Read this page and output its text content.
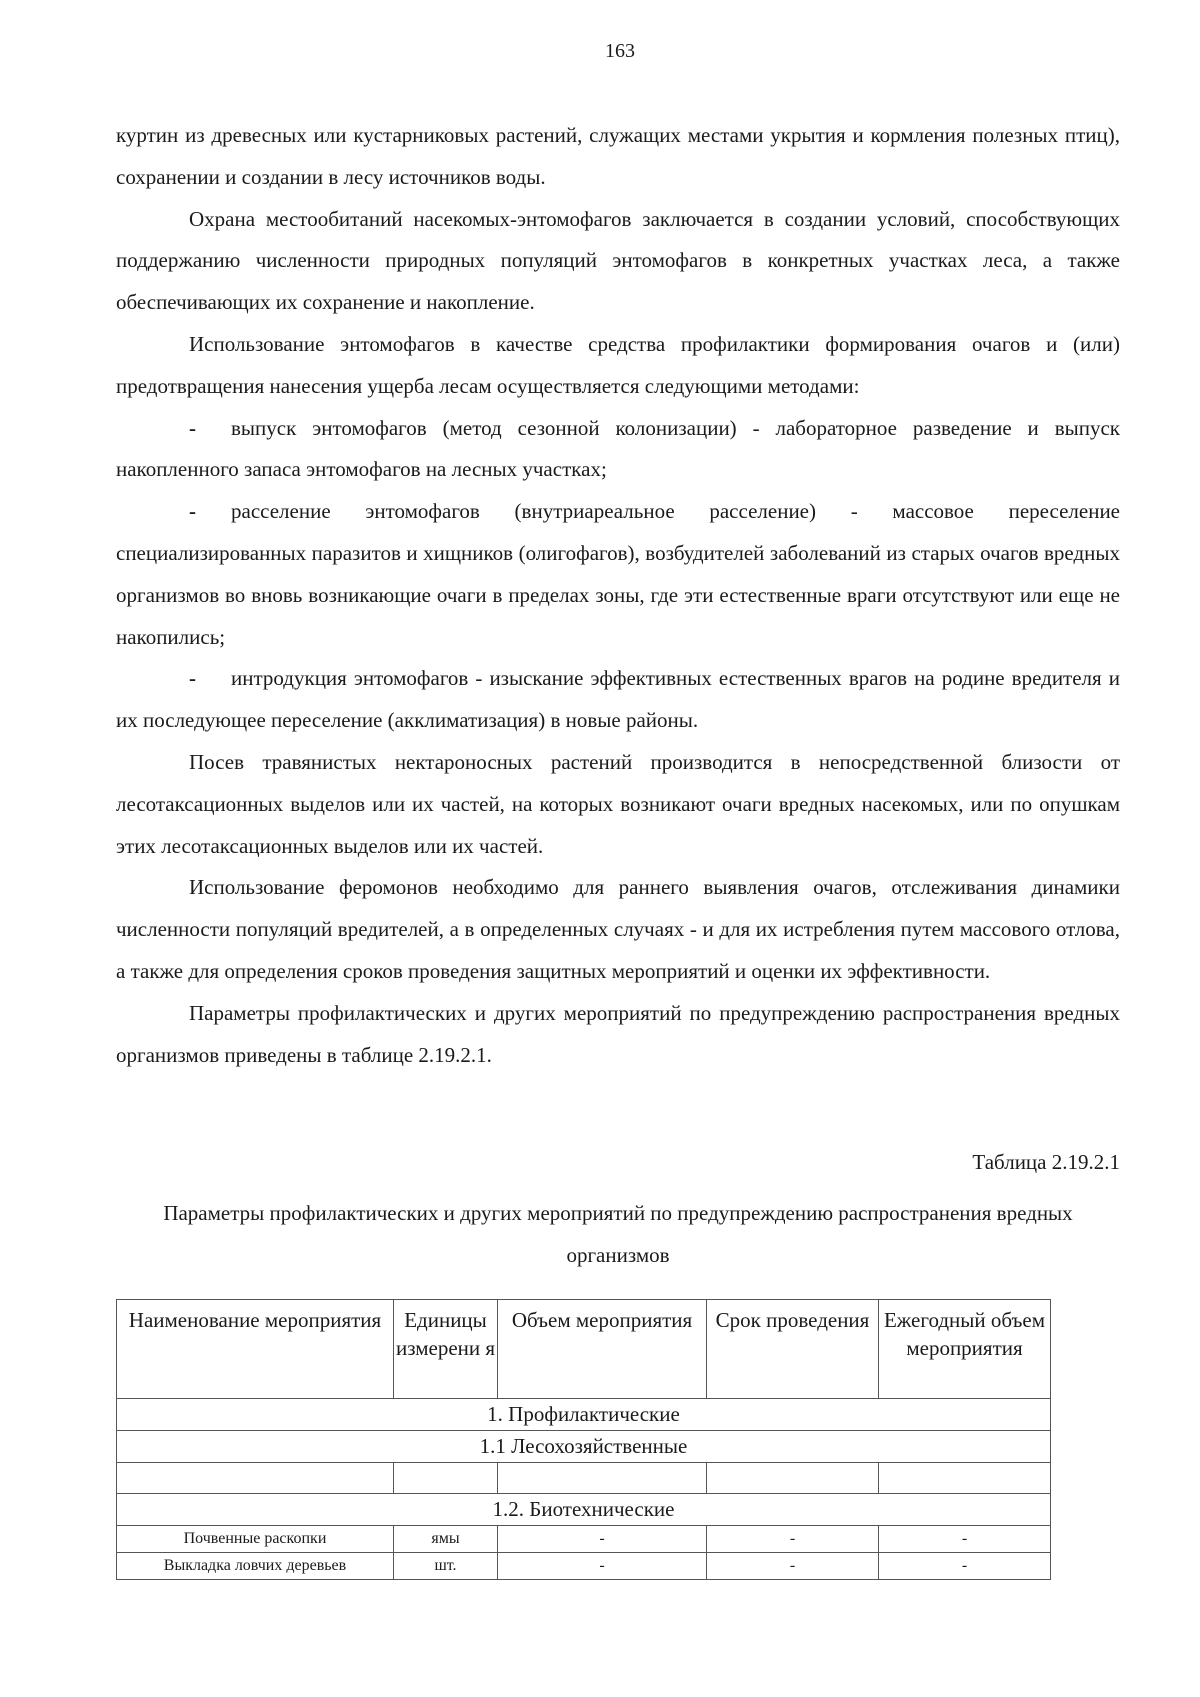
163

куртин из древесных или кустарниковых растений, служащих местами укрытия и кормления полезных птиц), сохранении и создании в лесу источников воды.

Охрана местообитаний насекомых-энтомофагов заключается в создании условий, способствующих поддержанию численности природных популяций энтомофагов в конкретных участках леса, а также обеспечивающих их сохранение и накопление.

Использование энтомофагов в качестве средства профилактики формирования очагов и (или) предотвращения нанесения ущерба лесам осуществляется следующими методами:

- выпуск энтомофагов (метод сезонной колонизации) - лабораторное разведение и выпуск накопленного запаса энтомофагов на лесных участках;

- расселение энтомофагов (внутриареальное расселение) - массовое переселение специализированных паразитов и хищников (олигофагов), возбудителей заболеваний из старых очагов вредных организмов во вновь возникающие очаги в пределах зоны, где эти естественные враги отсутствуют или еще не накопились;

- интродукция энтомофагов - изыскание эффективных естественных врагов на родине вредителя и их последующее переселение (акклиматизация) в новые районы.

Посев травянистых нектароносных растений производится в непосредственной близости от лесотаксационных выделов или их частей, на которых возникают очаги вредных насекомых, или по опушкам этих лесотаксационных выделов или их частей.

Использование феромонов необходимо для раннего выявления очагов, отслеживания динамики численности популяций вредителей, а в определенных случаях - и для их истребления путем массового отлова, а также для определения сроков проведения защитных мероприятий и оценки их эффективности.

Параметры профилактических и других мероприятий по предупреждению распространения вредных организмов приведены в таблице 2.19.2.1.

Таблица 2.19.2.1
Параметры профилактических и других мероприятий по предупреждению распространения вредных организмов
Наименование мероприятия	Единицы измерени я	Объем мероприятия	Срок проведения	Ежегодный объем мероприятия
1. Профилактические				
1.1 Лесохозяйственные				

1.2. Биотехнические				
Почвенные раскопки	ямы	-	-	-
Выкладка ловчих деревьев	шт.	-	-	-
